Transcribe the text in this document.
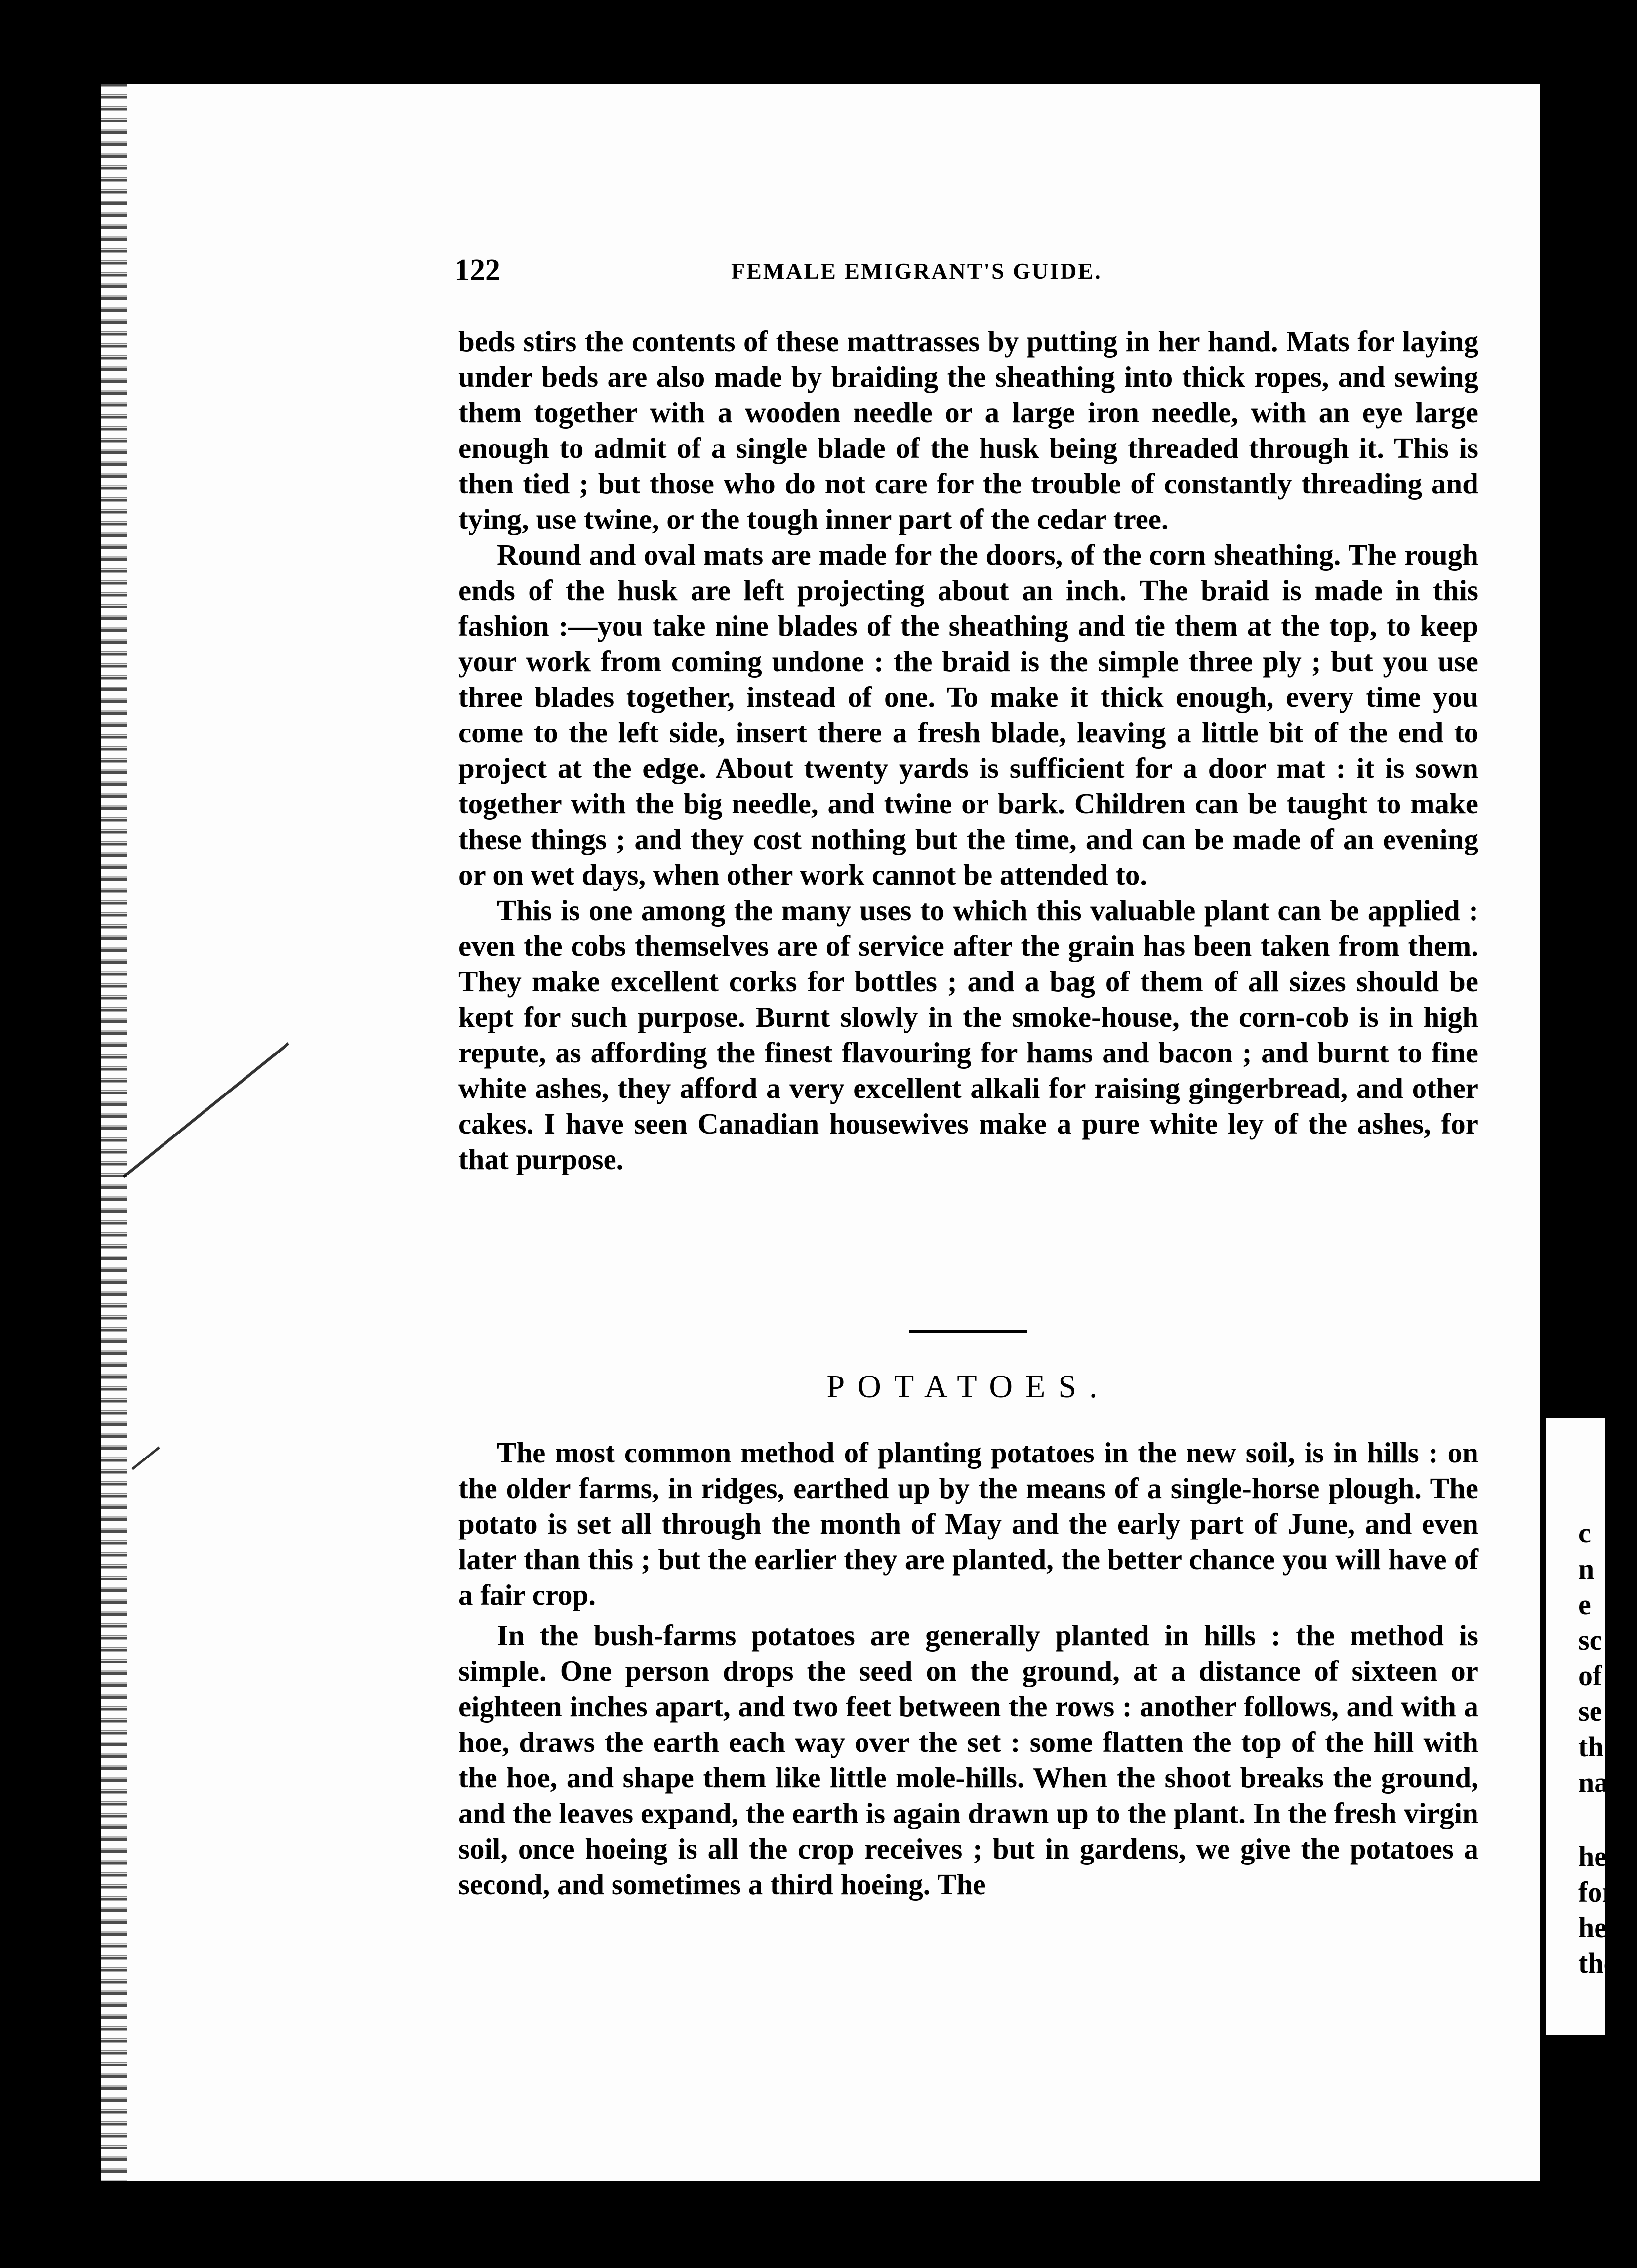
c
n
e
sc
of
se
th
na
he
for
he
the
122	FEMALE EMIGRANT'S GUIDE.

beds stirs the contents of these mattrasses by putting in her hand. Mats for laying under beds are also made by braiding the sheathing into thick ropes, and sewing them together with a wooden needle or a large iron needle, with an eye large enough to admit of a single blade of the husk being threaded through it. This is then tied ; but those who do not care for the trouble of constantly threading and tying, use twine, or the tough inner part of the cedar tree.

Round and oval mats are made for the doors, of the corn sheathing. The rough ends of the husk are left projecting about an inch. The braid is made in this fashion :—you take nine blades of the sheathing and tie them at the top, to keep your work from coming undone : the braid is the simple three ply ; but you use three blades together, instead of one. To make it thick enough, every time you come to the left side, insert there a fresh blade, leaving a little bit of the end to project at the edge. About twenty yards is sufficient for a door mat : it is sown together with the big needle, and twine or bark. Children can be taught to make these things ; and they cost nothing but the time, and can be made of an evening or on wet days, when other work cannot be attended to.

This is one among the many uses to which this valuable plant can be applied : even the cobs themselves are of service after the grain has been taken from them. They make excellent corks for bottles ; and a bag of them of all sizes should be kept for such purpose. Burnt slowly in the smoke-house, the corn-cob is in high repute, as affording the finest flavouring for hams and bacon ; and burnt to fine white ashes, they afford a very excellent alkali for raising gingerbread, and other cakes. I have seen Canadian housewives make a pure white ley of the ashes, for that purpose.

POTATOES.

The most common method of planting potatoes in the new soil, is in hills : on the older farms, in ridges, earthed up by the means of a single-horse plough. The potato is set all through the month of May and the early part of June, and even later than this ; but the earlier they are planted, the better chance you will have of a fair crop.

In the bush-farms potatoes are generally planted in hills : the method is simple. One person drops the seed on the ground, at a distance of sixteen or eighteen inches apart, and two feet between the rows : another follows, and with a hoe, draws the earth each way over the set : some flatten the top of the hill with the hoe, and shape them like little mole-hills. When the shoot breaks the ground, and the leaves expand, the earth is again drawn up to the plant. In the fresh virgin soil, once hoeing is all the crop receives ; but in gardens, we give the potatoes a second, and sometimes a third hoeing. The
